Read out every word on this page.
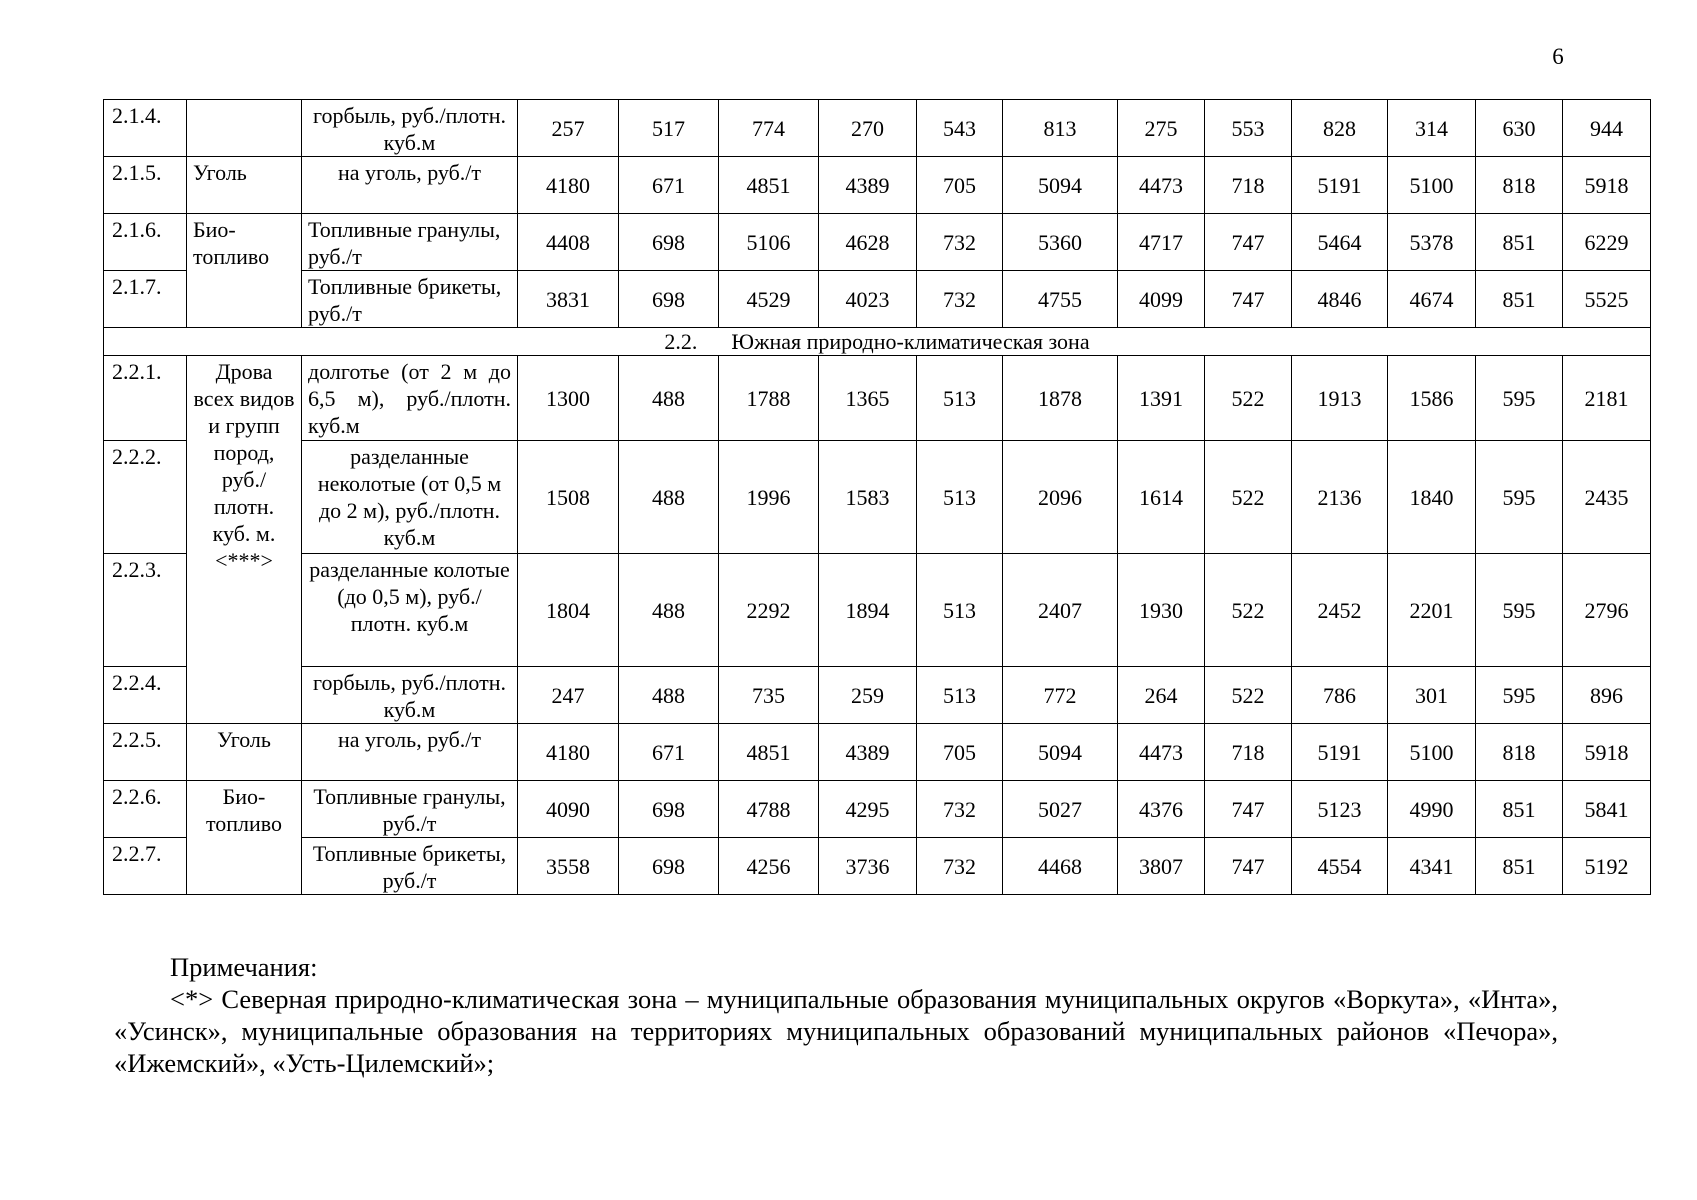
6
2.1.4.		горбыль, руб./плотн. куб.м	257	517	774	270	543	813	275	553	828	314	630	944
2.1.5.	Уголь	на уголь, руб./т	4180	671	4851	4389	705	5094	4473	718	5191	5100	818	5918
2.1.6.	Био-топливо	Топливные гранулы, руб./т	4408	698	5106	4628	732	5360	4717	747	5464	5378	851	6229
2.1.7.		Топливные брикеты, руб./т	3831	698	4529	4023	732	4755	4099	747	4846	4674	851	5525
2.2. Южная природно-климатическая зона														
2.2.1.	Дрова всех видов и групп пород, руб./ плотн. куб. м. <***>	долготье (от 2 м до 6,5 м), руб./плотн. куб.м	1300	488	1788	1365	513	1878	1391	522	1913	1586	595	2181
2.2.2.		разделанные неколотые (от 0,5 м до 2 м), руб./плотн. куб.м	1508	488	1996	1583	513	2096	1614	522	2136	1840	595	2435
2.2.3.		разделанные колотые (до 0,5 м), руб./плотн. куб.м	1804	488	2292	1894	513	2407	1930	522	2452	2201	595	2796
2.2.4.		горбыль, руб./плотн. куб.м	247	488	735	259	513	772	264	522	786	301	595	896
2.2.5.	Уголь	на уголь, руб./т	4180	671	4851	4389	705	5094	4473	718	5191	5100	818	5918
2.2.6.	Био-топливо	Топливные гранулы, руб./т	4090	698	4788	4295	732	5027	4376	747	5123	4990	851	5841
2.2.7.		Топливные брикеты, руб./т	3558	698	4256	3736	732	4468	3807	747	4554	4341	851	5192
Примечания:
<*> Северная природно-климатическая зона – муниципальные образования муниципальных округов «Воркута», «Инта», «Усинск», муниципальные образования на территориях муниципальных образований муниципальных районов «Печора», «Ижемский», «Усть-Цилемский»;
